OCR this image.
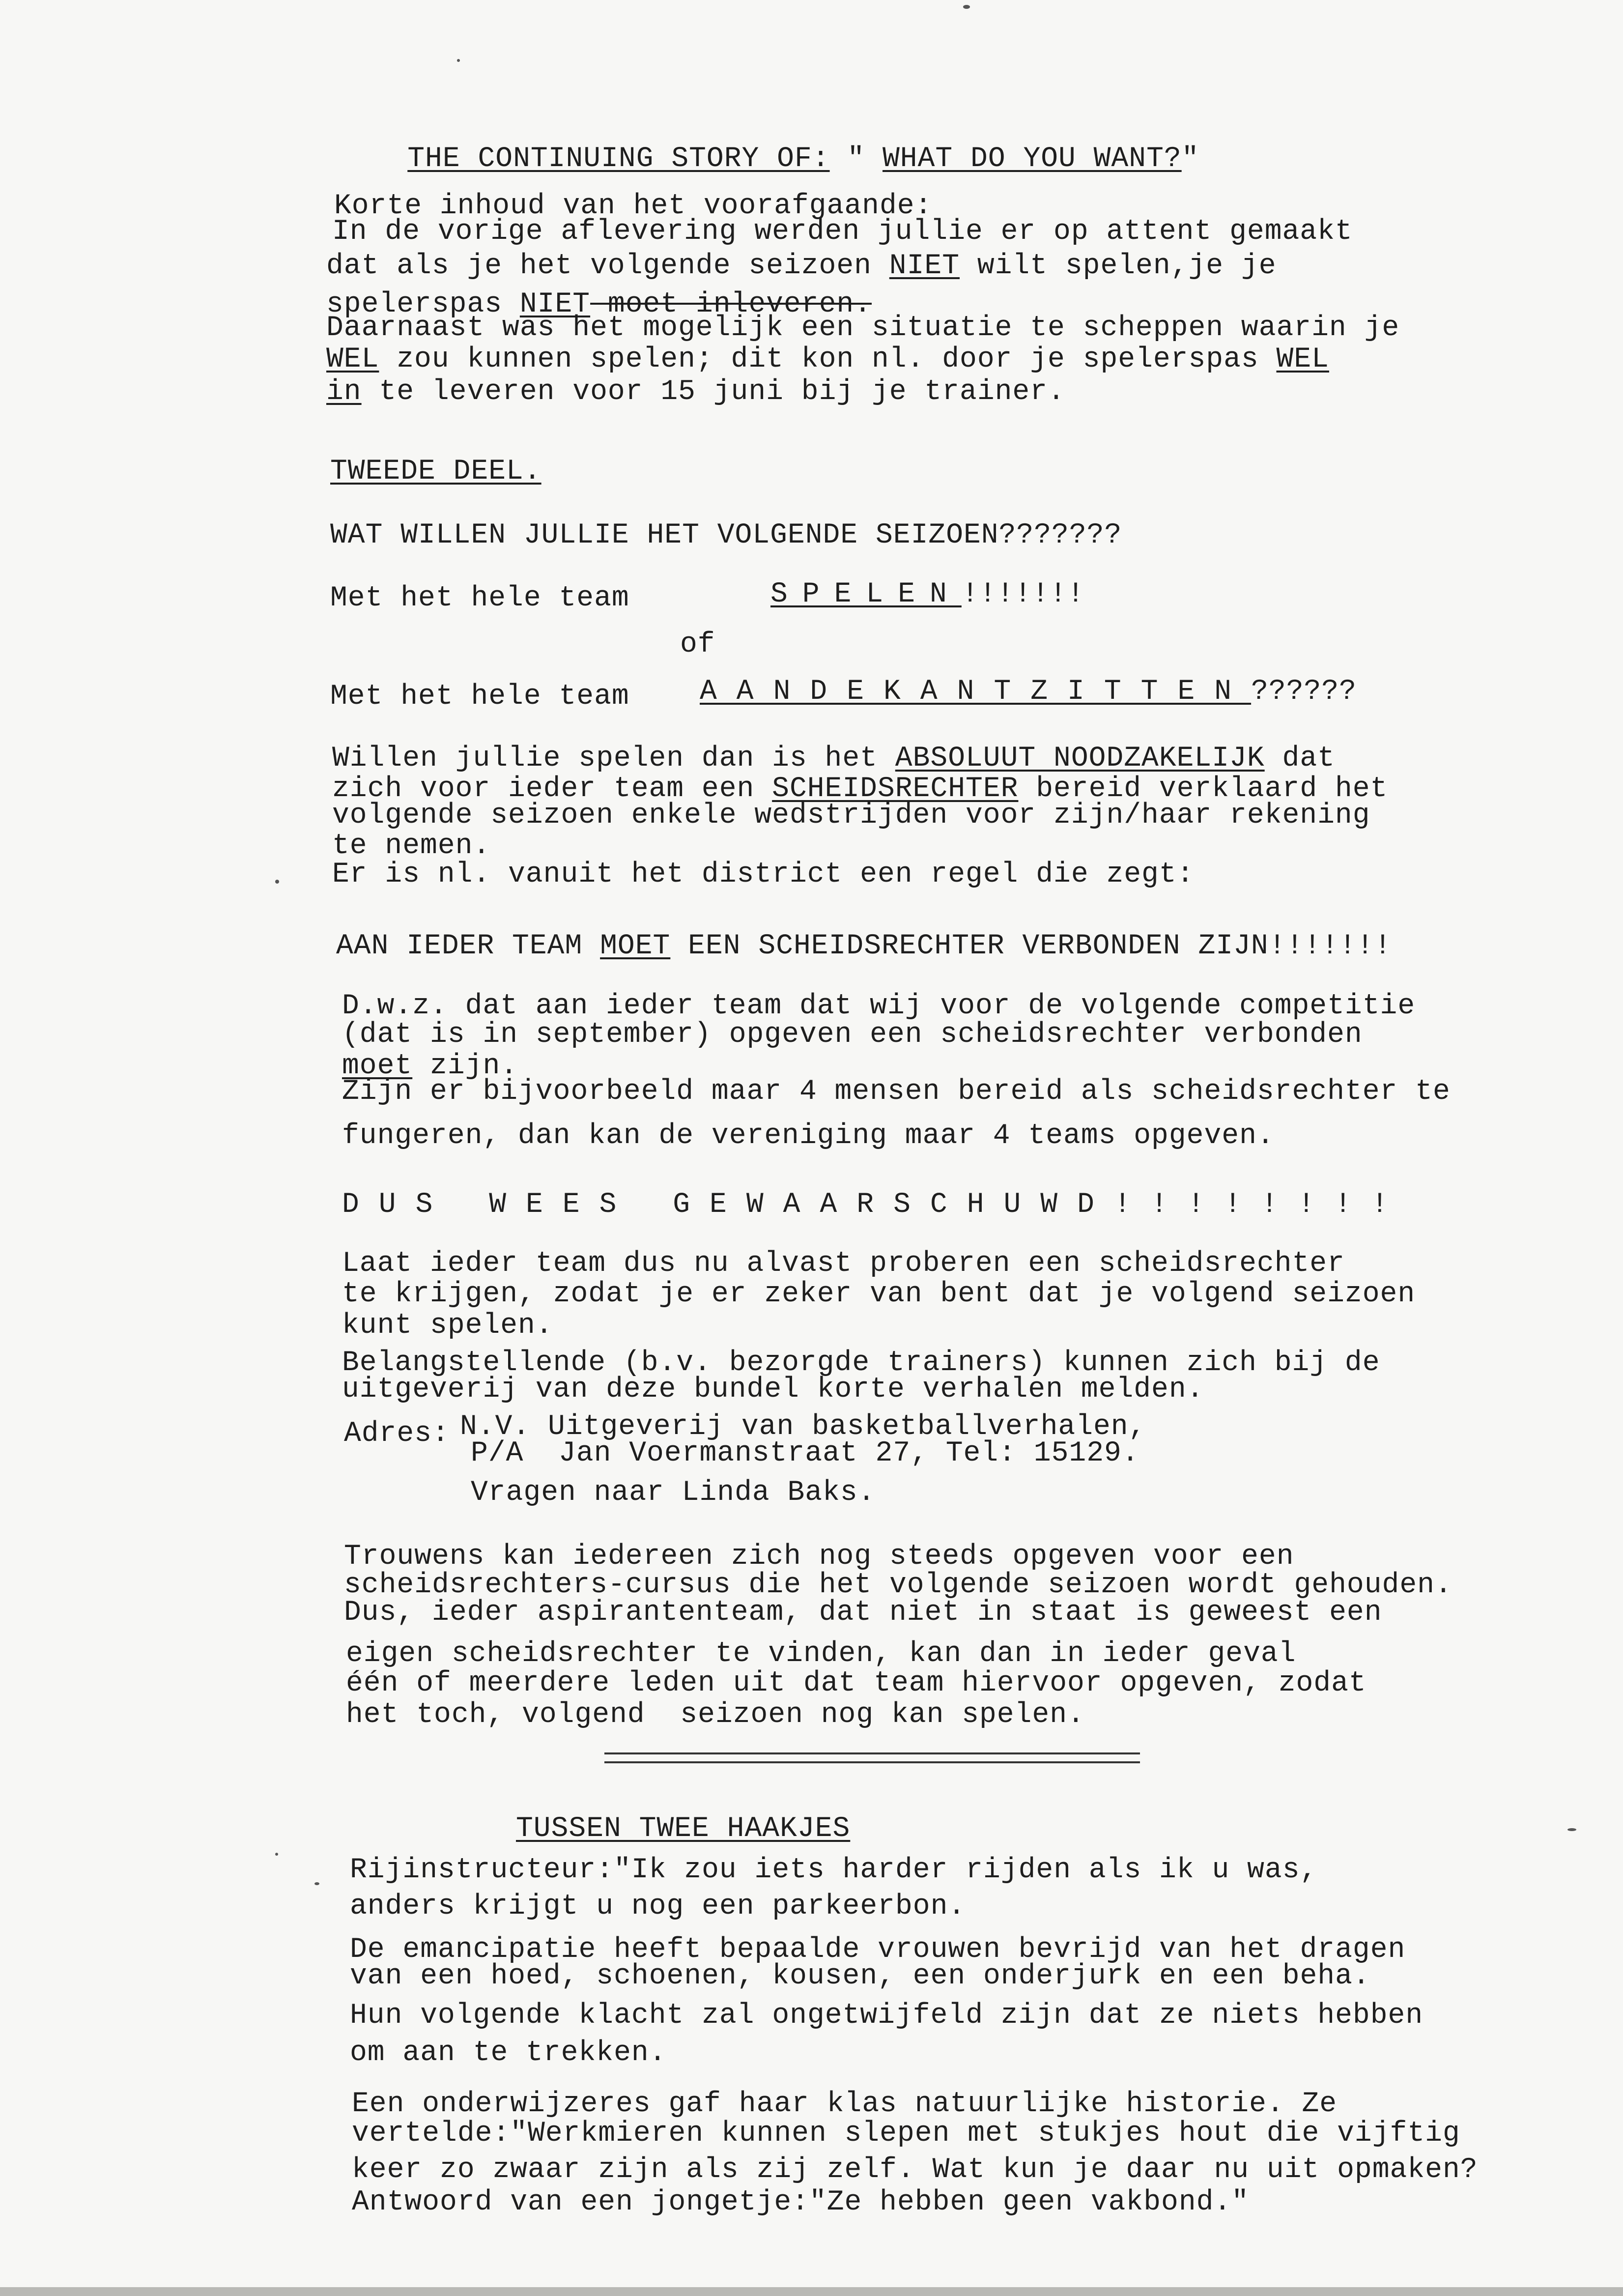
THE CONTINUING STORY OF: " WHAT DO YOU WANT?"

Korte inhoud van het voorafgaande:
In de vorige aflevering werden jullie er op attent gemaakt
dat als je het volgende seizoen NIET wilt spelen,je je
spelerspas NIET moet inleveren.
Daarnaast was het mogelijk een situatie te scheppen waarin je
WEL zou kunnen spelen; dit kon nl. door je spelerspas WEL
in te leveren voor 15 juni bij je trainer.
TWEEDE DEEL.
WAT WILLEN JULLIE HET VOLGENDE SEIZOEN???????
Met het hele team	SPELEN!!!!!!!
of
Met het hele team AANDEKANTZITTEN??????
Willen jullie spelen dan is het ABSOLUUT NOODZAKELIJK dat
zich voor ieder team een SCHEIDSRECHTER bereid verklaard het
volgende seizoen enkele wedstrijden voor zijn/haar rekening
te nemen.
Er is nl. vanuit het district een regel die zegt:
AAN IEDER TEAM MOET EEN SCHEIDSRECHTER VERBONDEN ZIJN!!!!!!!
D.w.z. dat aan ieder team dat wij voor de volgende competitie
(dat is in september) opgeven een scheidsrechter verbonden
moet zijn.
Zijn er bijvoorbeeld maar 4 mensen bereid als scheidsrechter te
fungeren, dan kan de vereniging maar 4 teams opgeven.
DUS WEES GEWAARSCHUWD!!!!!!!!
Laat ieder team dus nu alvast proberen een scheidsrechter
te krijgen, zodat je er zeker van bent dat je volgend seizoen
kunt spelen.
Belangstellende (b.v. bezorgde trainers) kunnen zich bij de
uitgeverij van deze bundel korte verhalen melden.
Adres: N.V. Uitgeverij van basketballverhalen,
P/A  Jan Voermanstraat 27, Tel: 15129.
Vragen naar Linda Baks.
Trouwens kan iedereen zich nog steeds opgeven voor een
scheidsrechters-cursus die het volgende seizoen wordt gehouden.
Dus, ieder aspirantenteam, dat niet in staat is geweest een
eigen scheidsrechter te vinden, kan dan in ieder geval
één of meerdere leden uit dat team hiervoor opgeven, zodat
het toch, volgend  seizoen nog kan spelen.
TUSSEN TWEE HAAKJES
Rijinstructeur:"Ik zou iets harder rijden als ik u was,
anders krijgt u nog een parkeerbon.
De emancipatie heeft bepaalde vrouwen bevrijd van het dragen
van een hoed, schoenen, kousen, een onderjurk en een beha.
Hun volgende klacht zal ongetwijfeld zijn dat ze niets hebben
om aan te trekken.
Een onderwijzeres gaf haar klas natuurlijke historie. Ze
vertelde:"Werkmieren kunnen slepen met stukjes hout die vijftig
keer zo zwaar zijn als zij zelf. Wat kun je daar nu uit opmaken?
Antwoord van een jongetje:"Ze hebben geen vakbond."
